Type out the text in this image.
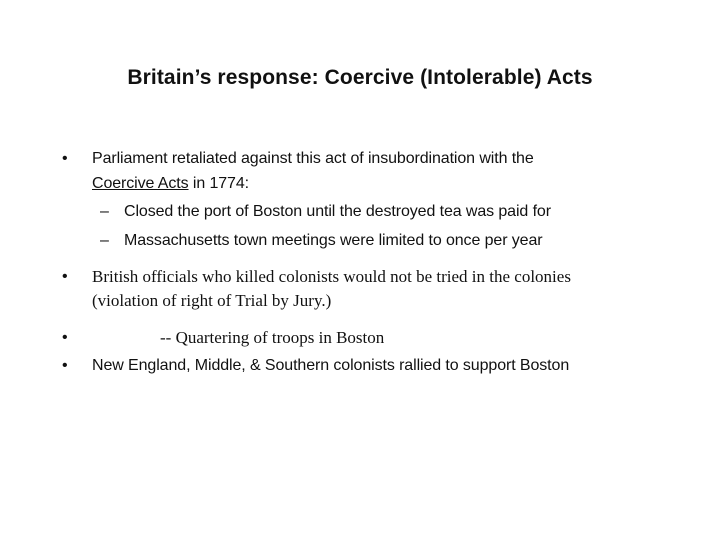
Britain’s response: Coercive (Intolerable) Acts
• Parliament retaliated against this act of insubordination with the
Coercive Acts in 1774:
– Closed the port of Boston until the destroyed tea was paid for
– Massachusetts town meetings were limited to once per year
• British officials who killed colonists would not be tried in the colonies
(violation of right of Trial by Jury.)
•	-- Quartering of troops in Boston
• New England, Middle, & Southern colonists rallied to support Boston
